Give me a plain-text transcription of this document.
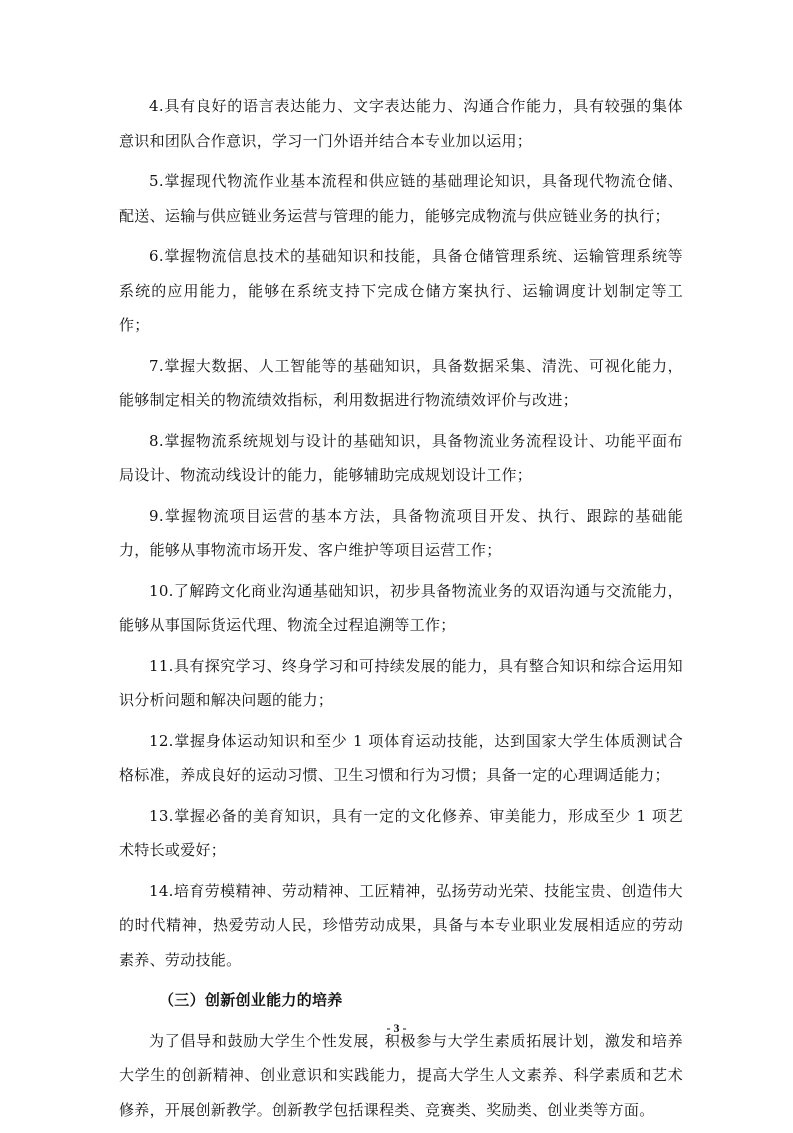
4.具有良好的语言表达能力、文字表达能力、沟通合作能力，具有较强的集体意识和团队合作意识，学习一门外语并结合本专业加以运用；

5.掌握现代物流作业基本流程和供应链的基础理论知识，具备现代物流仓储、配送、运输与供应链业务运营与管理的能力，能够完成物流与供应链业务的执行；

6.掌握物流信息技术的基础知识和技能，具备仓储管理系统、运输管理系统等系统的应用能力，能够在系统支持下完成仓储方案执行、运输调度计划制定等工作；

7.掌握大数据、人工智能等的基础知识，具备数据采集、清洗、可视化能力，能够制定相关的物流绩效指标，利用数据进行物流绩效评价与改进；

8.掌握物流系统规划与设计的基础知识，具备物流业务流程设计、功能平面布局设计、物流动线设计的能力，能够辅助完成规划设计工作；

9.掌握物流项目运营的基本方法，具备物流项目开发、执行、跟踪的基础能力，能够从事物流市场开发、客户维护等项目运营工作；

10.了解跨文化商业沟通基础知识，初步具备物流业务的双语沟通与交流能力，能够从事国际货运代理、物流全过程追溯等工作；

11.具有探究学习、终身学习和可持续发展的能力，具有整合知识和综合运用知识分析问题和解决问题的能力；

12.掌握身体运动知识和至少 1 项体育运动技能，达到国家大学生体质测试合格标准，养成良好的运动习惯、卫生习惯和行为习惯；具备一定的心理调适能力；

13.掌握必备的美育知识，具有一定的文化修养、审美能力，形成至少 1 项艺术特长或爱好；

14.培育劳模精神、劳动精神、工匠精神，弘扬劳动光荣、技能宝贵、创造伟大的时代精神，热爱劳动人民，珍惜劳动成果，具备与本专业职业发展相适应的劳动素养、劳动技能。

（三）创新创业能力的培养

为了倡导和鼓励大学生个性发展，积极参与大学生素质拓展计划，激发和培养大学生的创新精神、创业意识和实践能力，提高大学生人文素养、科学素质和艺术修养，开展创新教学。创新教学包括课程类、竞赛类、奖励类、创业类等方面。

- 3 -
